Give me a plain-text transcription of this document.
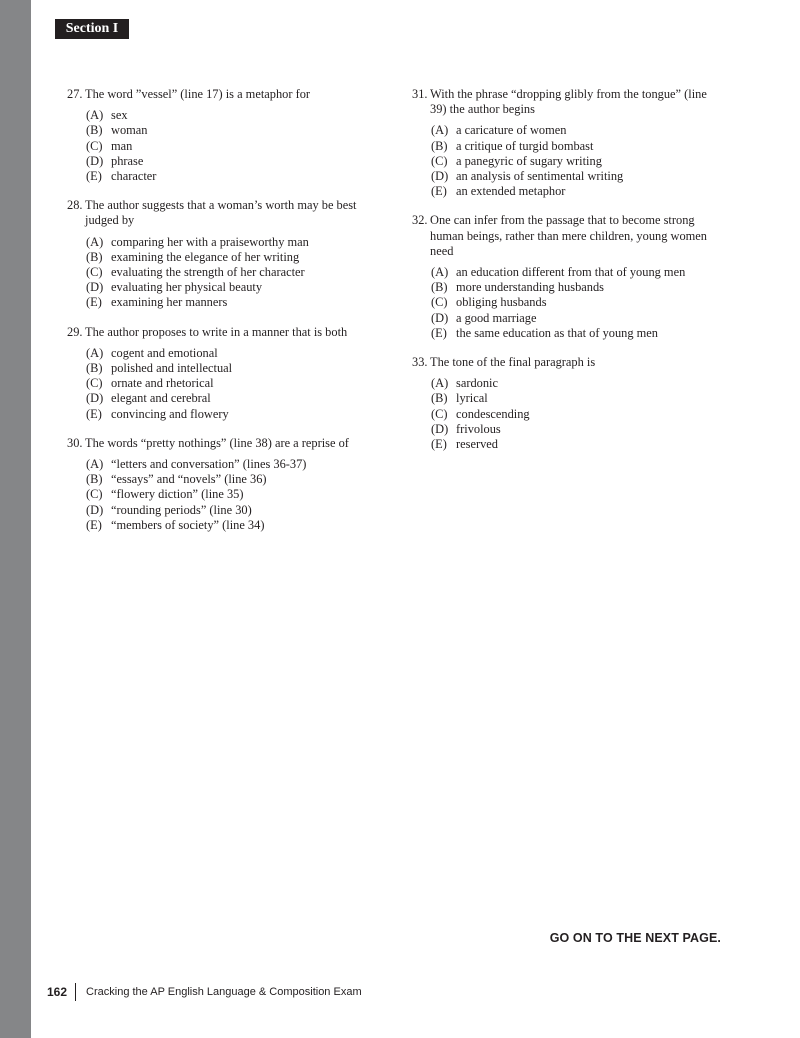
Section I
27. The word ”vessel” (line 17) is a metaphor for
(A) sex
(B) woman
(C) man
(D) phrase
(E) character
28. The author suggests that a woman’s worth may be best judged by
(A) comparing her with a praiseworthy man
(B) examining the elegance of her writing
(C) evaluating the strength of her character
(D) evaluating her physical beauty
(E) examining her manners
29. The author proposes to write in a manner that is both
(A) cogent and emotional
(B) polished and intellectual
(C) ornate and rhetorical
(D) elegant and cerebral
(E) convincing and flowery
30. The words “pretty nothings” (line 38) are a reprise of
(A) “letters and conversation” (lines 36-37)
(B) “essays” and “novels” (line 36)
(C) “flowery diction” (line 35)
(D) “rounding periods” (line 30)
(E) “members of society” (line 34)
31. With the phrase “dropping glibly from the tongue” (line 39) the author begins
(A) a caricature of women
(B) a critique of turgid bombast
(C) a panegyric of sugary writing
(D) an analysis of sentimental writing
(E) an extended metaphor
32. One can infer from the passage that to become strong human beings, rather than mere children, young women need
(A) an education different from that of young men
(B) more understanding husbands
(C) obliging husbands
(D) a good marriage
(E) the same education as that of young men
33. The tone of the final paragraph is
(A) sardonic
(B) lyrical
(C) condescending
(D) frivolous
(E) reserved
GO ON TO THE NEXT PAGE.
162 Cracking the AP English Language & Composition Exam
